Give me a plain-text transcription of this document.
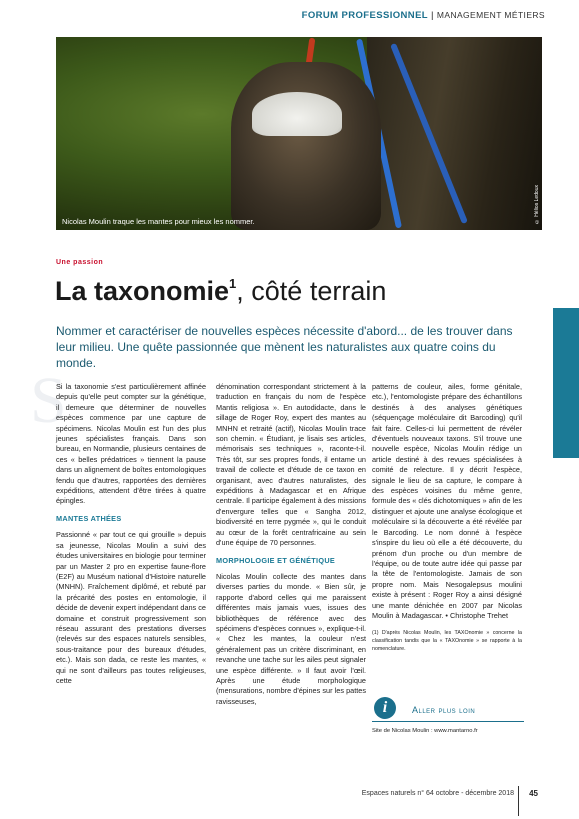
FORUM PROFESSIONNEL | MANAGEMENT MÉTIERS
Nicolas Moulin traque les mantes pour mieux les nommer.	© Hélios Ledoux
Une passion
La taxonomie$^1$, côté terrain
Nommer et caractériser de nouvelles espèces nécessite d'abord... de les trouver dans leur milieu. Une quête passionnée que mènent les naturalistes aux quatre coins du monde.
S

Si la taxonomie s'est particulièrement affinée depuis qu'elle peut compter sur la génétique, il demeure que déterminer de nouvelles espèces commence par une capture de spécimens. Nicolas Moulin est l'un des plus jeunes spécialistes français. Dans son bureau, en Normandie, plusieurs centaines de ces « belles prédatrices » tiennent la pause dans un alignement de boîtes entomologiques fendu que d'autres, rapportées des dernières expéditions, attendent d'être tirées à quatre épingles.

MANTES ATHÉES

Passionné « par tout ce qui grouille » depuis sa jeunesse, Nicolas Moulin a suivi des études universitaires en biologie pour terminer par un Master 2 pro en expertise faune-flore (E2F) au Muséum national d'Histoire naturelle (MNHN). Fraîchement diplômé, et rebuté par la précarité des postes en entomologie, il décide de devenir expert indépendant dans ce domaine et construit progressivement son réseau assurant des prestations diverses (relevés sur des espaces naturels sensibles, sous-traitance pour des bureaux d'études, etc.). Mais son dada, ce reste les mantes, « qui ne sont d'ailleurs pas toutes religieuses, cette

dénomination correspondant strictement à la traduction en français du nom de l'espèce Mantis religiosa ». En autodidacte, dans le sillage de Roger Roy, expert des mantes au MNHN et retraité (actif), Nicolas Moulin trace son chemin. « Étudiant, je lisais ses articles, mémorisais ses techniques », raconte-t-il. Très tôt, sur ses propres fonds, il entame un travail de collecte et d'étude de ce taxon en organisant, avec d'autres naturalistes, des expéditions à Madagascar et en Afrique centrale. Il participe également à des missions d'envergure telles que « Sangha 2012, biodiversité en terre pygmée », qui le conduit au cœur de la forêt centrafricaine au sein d'une équipe de 70 personnes.

MORPHOLOGIE ET GÉNÉTIQUE

Nicolas Moulin collecte des mantes dans diverses parties du monde. « Bien sûr, je rapporte d'abord celles qui me paraissent différentes mais jamais vues, issues des bibliothèques de référence avec des spécimens d'espèces connues », explique-t-il. « Chez les mantes, la couleur n'est généralement pas un critère discriminant, en revanche une tache sur les ailes peut signaler une espèce différente. » Il faut avoir l'œil. Après une étude morphologique (mensurations, nombre d'épines sur les pattes ravisseuses,

patterns de couleur, ailes, forme génitale, etc.), l'entomologiste prépare des échantillons destinés à des analyses génétiques (séquençage moléculaire dit Barcoding) qu'il fait faire. Celles-ci lui permettent de révéler d'éventuels nouveaux taxons. S'il trouve une nouvelle espèce, Nicolas Moulin rédige un article destiné à des revues spécialisées à comité de relecture. Il y décrit l'espèce, signale le lieu de sa capture, le compare à des espèces voisines du même genre, formule des « clés dichotomiques » afin de les distinguer et ajoute une analyse écologique et moléculaire si la découverte a été révélée par le Barcoding. Le nom donné à l'espèce s'inspire du lieu où elle a été découverte, du prénom d'un proche ou d'un membre de l'équipe, ou de toute autre idée qui passe par la tête de l'entomologiste. Jamais de son propre nom. Mais Nesogalepsus moulini existe à présent : Roger Roy a ainsi désigné une mante dénichée en 2007 par Nicolas Moulin à Madagascar. • Christophe Trehet

(1) D'après Nicolas Moulin, les TAXOnomie » concerne la classification tandis que la « TAXOnomie » se rapporte à la nomenclature.

i	Aller plus loin
Site de Nicolas Moulin : www.mantarno.fr
Espaces naturels n° 64 octobre - décembre 2018 45
